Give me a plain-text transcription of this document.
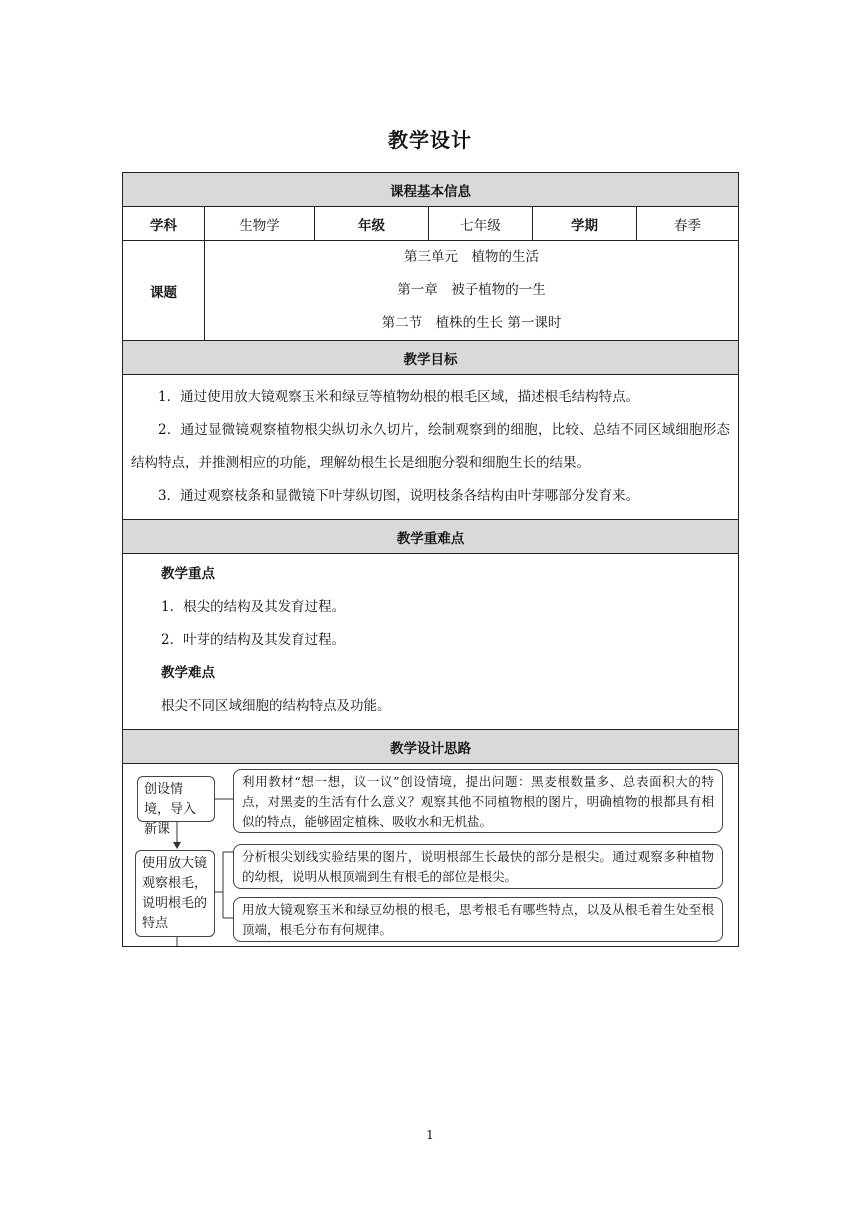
教学设计
课程基本信息					
学科	生物学	年级	七年级	学期	春季
课题	第三单元　植物的生活
第一章　被子植物的一生
第二节　植株的生长 第一课时				

教学目标					

1．通过使用放大镜观察玉米和绿豆等植物幼根的根毛区域，描述根毛结构特点。

2．通过显微镜观察植物根尖纵切永久切片，绘制观察到的细胞，比较、总结不同区域细胞形态结构特点，并推测相应的功能，理解幼根生长是细胞分裂和细胞生长的结果。

3．通过观察枝条和显微镜下叶芽纵切图，说明枝条各结构由叶芽哪部分发育来。					

教学重难点					

教学重点

1．根尖的结构及其发育过程。

2．叶芽的结构及其发育过程。

教学难点

根尖不同区域细胞的结构特点及功能。					

教学设计思路					

创设情境，导入新课
利用教材“想一想，议一议”创设情境，提出问题：黑麦根数量多、总表面积大的特点，对黑麦的生活有什么意义？观察其他不同植物根的图片，明确植物的根都具有相似的特点，能够固定植株、吸收水和无机盐。
使用放大镜观察根毛，说明根毛的特点
分析根尖划线实验结果的图片，说明根部生长最快的部分是根尖。通过观察多种植物的幼根，说明从根顶端到生有根毛的部位是根尖。
用放大镜观察玉米和绿豆幼根的根毛，思考根毛有哪些特点，以及从根毛着生处至根顶端，根毛分布有何规律。					
1
